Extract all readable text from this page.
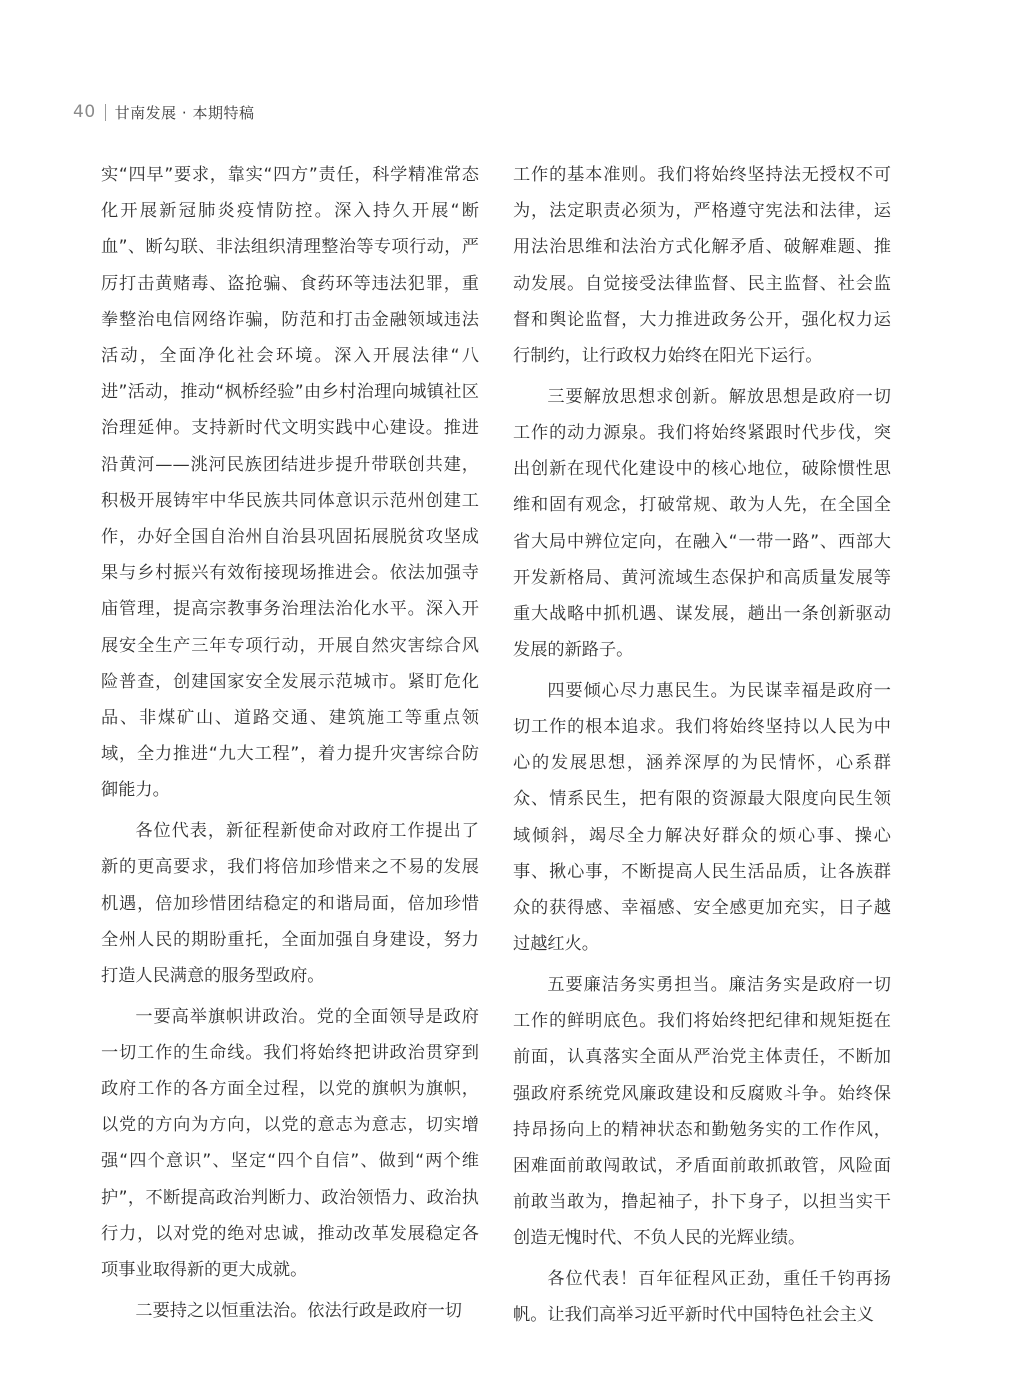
40 甘南发展 · 本期特稿

实“四早”要求，靠实“四方”责任，科学精准常态化开展新冠肺炎疫情防控。深入持久开展“断血”、断勾联、非法组织清理整治等专项行动，严厉打击黄赌毒、盗抢骗、食药环等违法犯罪，重拳整治电信网络诈骗，防范和打击金融领域违法活动，全面净化社会环境。深入开展法律“八进”活动，推动“枫桥经验”由乡村治理向城镇社区治理延伸。支持新时代文明实践中心建设。推进沿黄河——洮河民族团结进步提升带联创共建，积极开展铸牢中华民族共同体意识示范州创建工作，办好全国自治州自治县巩固拓展脱贫攻坚成果与乡村振兴有效衔接现场推进会。依法加强寺庙管理，提高宗教事务治理法治化水平。深入开展安全生产三年专项行动，开展自然灾害综合风险普查，创建国家安全发展示范城市。紧盯危化品、非煤矿山、道路交通、建筑施工等重点领域，全力推进“九大工程”，着力提升灾害综合防御能力。

各位代表，新征程新使命对政府工作提出了新的更高要求，我们将倍加珍惜来之不易的发展机遇，倍加珍惜团结稳定的和谐局面，倍加珍惜全州人民的期盼重托，全面加强自身建设，努力打造人民满意的服务型政府。

一要高举旗帜讲政治。党的全面领导是政府一切工作的生命线。我们将始终把讲政治贯穿到政府工作的各方面全过程，以党的旗帜为旗帜，以党的方向为方向，以党的意志为意志，切实增强“四个意识”、坚定“四个自信”、做到“两个维护”，不断提高政治判断力、政治领悟力、政治执行力，以对党的绝对忠诚，推动改革发展稳定各项事业取得新的更大成就。

二要持之以恒重法治。依法行政是政府一切

工作的基本准则。我们将始终坚持法无授权不可为，法定职责必须为，严格遵守宪法和法律，运用法治思维和法治方式化解矛盾、破解难题、推动发展。自觉接受法律监督、民主监督、社会监督和舆论监督，大力推进政务公开，强化权力运行制约，让行政权力始终在阳光下运行。

三要解放思想求创新。解放思想是政府一切工作的动力源泉。我们将始终紧跟时代步伐，突出创新在现代化建设中的核心地位，破除惯性思维和固有观念，打破常规、敢为人先，在全国全省大局中辨位定向，在融入“一带一路”、西部大开发新格局、黄河流域生态保护和高质量发展等重大战略中抓机遇、谋发展，趟出一条创新驱动发展的新路子。

四要倾心尽力惠民生。为民谋幸福是政府一切工作的根本追求。我们将始终坚持以人民为中心的发展思想，涵养深厚的为民情怀，心系群众、情系民生，把有限的资源最大限度向民生领域倾斜，竭尽全力解决好群众的烦心事、操心事、揪心事，不断提高人民生活品质，让各族群众的获得感、幸福感、安全感更加充实，日子越过越红火。

五要廉洁务实勇担当。廉洁务实是政府一切工作的鲜明底色。我们将始终把纪律和规矩挺在前面，认真落实全面从严治党主体责任，不断加强政府系统党风廉政建设和反腐败斗争。始终保持昂扬向上的精神状态和勤勉务实的工作作风，困难面前敢闯敢试，矛盾面前敢抓敢管，风险面前敢当敢为，撸起袖子，扑下身子，以担当实干创造无愧时代、不负人民的光辉业绩。

各位代表！百年征程风正劲，重任千钧再扬帆。让我们高举习近平新时代中国特色社会主义
